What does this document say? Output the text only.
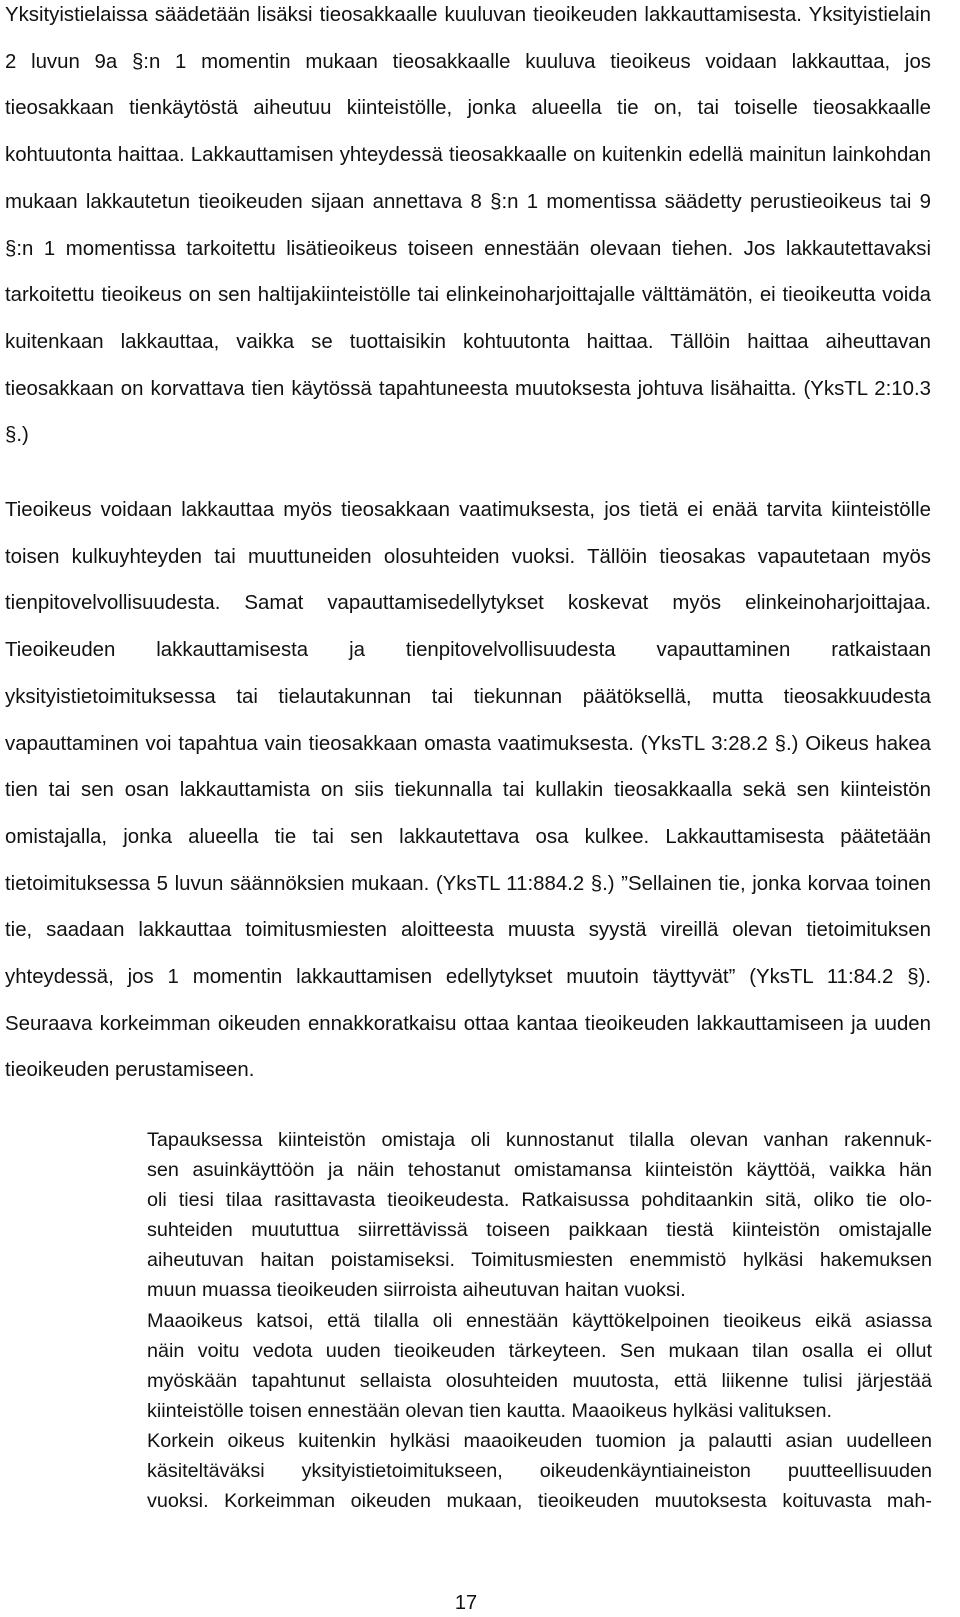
Yksityistielaissa säädetään lisäksi tieosakkaalle kuuluvan tieoikeuden lakkauttamisesta. Yksityistielain 2 luvun 9a §:n 1 momentin mukaan tieosakkaalle kuuluva tieoikeus voidaan lakkauttaa, jos tieosakkaan tienkäytöstä aiheutuu kiinteistölle, jonka alueella tie on, tai toiselle tieosakkaalle kohtuutonta haittaa. Lakkauttamisen yhteydessä tieosakkaalle on kuitenkin edellä mainitun lainkohdan mukaan lakkautetun tieoikeuden sijaan annettava 8 §:n 1 momentissa säädetty perustieoikeus tai 9 §:n 1 momentissa tarkoitettu lisätieoikeus toiseen ennestään olevaan tiehen. Jos lakkautettavaksi tarkoitettu tieoikeus on sen haltijakiinteistölle tai elinkeinoharjoittajalle välttämätön, ei tieoikeutta voida kuitenkaan lakkauttaa, vaikka se tuottaisikin kohtuutonta haittaa. Tällöin haittaa aiheuttavan tieosakkaan on korvattava tien käytössä tapahtuneesta muutoksesta johtuva lisähaitta. (YksTL 2:10.3 §.)

Tieoikeus voidaan lakkauttaa myös tieosakkaan vaatimuksesta, jos tietä ei enää tarvita kiinteistölle toisen kulkuyhteyden tai muuttuneiden olosuhteiden vuoksi. Tällöin tieosakas vapautetaan myös tienpitovelvollisuudesta. Samat vapauttamisedellytykset koskevat myös elinkeinoharjoittajaa. Tieoikeuden lakkauttamisesta ja tienpitovelvollisuudesta vapauttaminen ratkaistaan yksityistietoimituksessa tai tielautakunnan tai tiekunnan päätöksellä, mutta tieosakkuudesta vapauttaminen voi tapahtua vain tieosakkaan omasta vaatimuksesta. (YksTL 3:28.2 §.) Oikeus hakea tien tai sen osan lakkauttamista on siis tiekunnalla tai kullakin tieosakkaalla sekä sen kiinteistön omistajalla, jonka alueella tie tai sen lakkautettava osa kulkee. Lakkauttamisesta päätetään tietoimituksessa 5 luvun säännöksien mukaan. (YksTL 11:884.2 §.) ”Sellainen tie, jonka korvaa toinen tie, saadaan lakkauttaa toimitusmiesten aloitteesta muusta syystä vireillä olevan tietoimituksen yhteydessä, jos 1 momentin lakkauttamisen edellytykset muutoin täyttyvät” (YksTL 11:84.2 §). Seuraava korkeimman oikeuden ennakkoratkaisu ottaa kantaa tieoikeuden lakkauttamiseen ja uuden tieoikeuden perustamiseen.

Tapauksessa kiinteistön omistaja oli kunnostanut tilalla olevan vanhan rakennuk-
sen asuinkäyttöön ja näin tehostanut omistamansa kiinteistön käyttöä, vaikka hän
oli tiesi tilaa rasittavasta tieoikeudesta. Ratkaisussa pohditaankin sitä, oliko tie olo-
suhteiden muututtua siirrettävissä toiseen paikkaan tiestä kiinteistön omistajalle
aiheutuvan haitan poistamiseksi. Toimitusmiesten enemmistö hylkäsi hakemuksen
muun muassa tieoikeuden siirroista aiheutuvan haitan vuoksi.
Maaoikeus katsoi, että tilalla oli ennestään käyttökelpoinen tieoikeus eikä asiassa
näin voitu vedota uuden tieoikeuden tärkeyteen. Sen mukaan tilan osalla ei ollut
myöskään tapahtunut sellaista olosuhteiden muutosta, että liikenne tulisi järjestää
kiinteistölle toisen ennestään olevan tien kautta. Maaoikeus hylkäsi valituksen.
Korkein oikeus kuitenkin hylkäsi maaoikeuden tuomion ja palautti asian uudelleen
käsiteltäväksi yksityistietoimitukseen, oikeudenkäyntiaineiston puutteellisuuden
vuoksi. Korkeimman oikeuden mukaan, tieoikeuden muutoksesta koituvasta mah-
17
